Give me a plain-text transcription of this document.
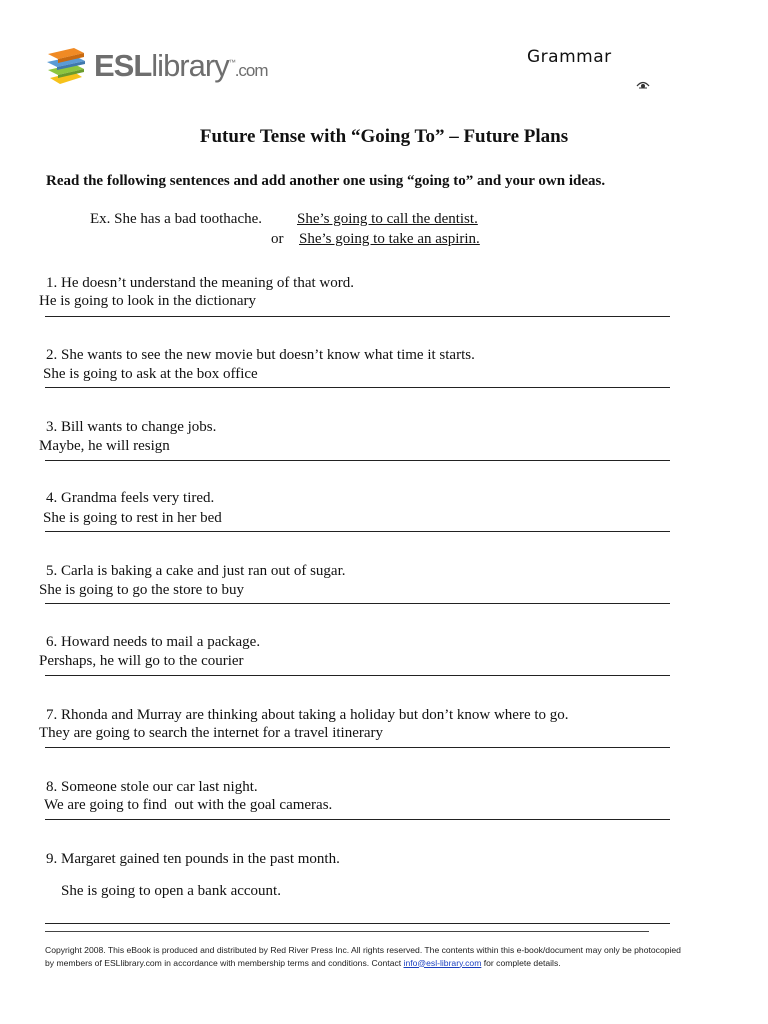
ESLlibrary™.com
Grammar
Future Tense with “Going To” – Future Plans
Read the following sentences and add another one using “going to” and your own ideas.
Ex. She has a bad toothache. She’s going to call the dentist.
or She’s going to take an aspirin.
1. He doesn’t understand the meaning of that word.
He is going to look in the dictionary
2. She wants to see the new movie but doesn’t know what time it starts.
She is going to ask at the box office
3. Bill wants to change jobs.
Maybe, he will resign
4. Grandma feels very tired.
She is going to rest in her bed
5. Carla is baking a cake and just ran out of sugar.
She is going to go the store to buy
6. Howard needs to mail a package.
Pershaps, he will go to the courier
7. Rhonda and Murray are thinking about taking a holiday but don’t know where to go.
They are going to search the internet for a travel itinerary
8. Someone stole our car last night.
We are going to find  out with the goal cameras.
9. Margaret gained ten pounds in the past month.
She is going to open a bank account.
Copyright 2008. This eBook is produced and distributed by Red River Press Inc. All rights reserved. The contents within this e-book/document may only be photocopied by members of ESLlibrary.com in accordance with membership terms and conditions. Contact info@esl-library.com for complete details.
